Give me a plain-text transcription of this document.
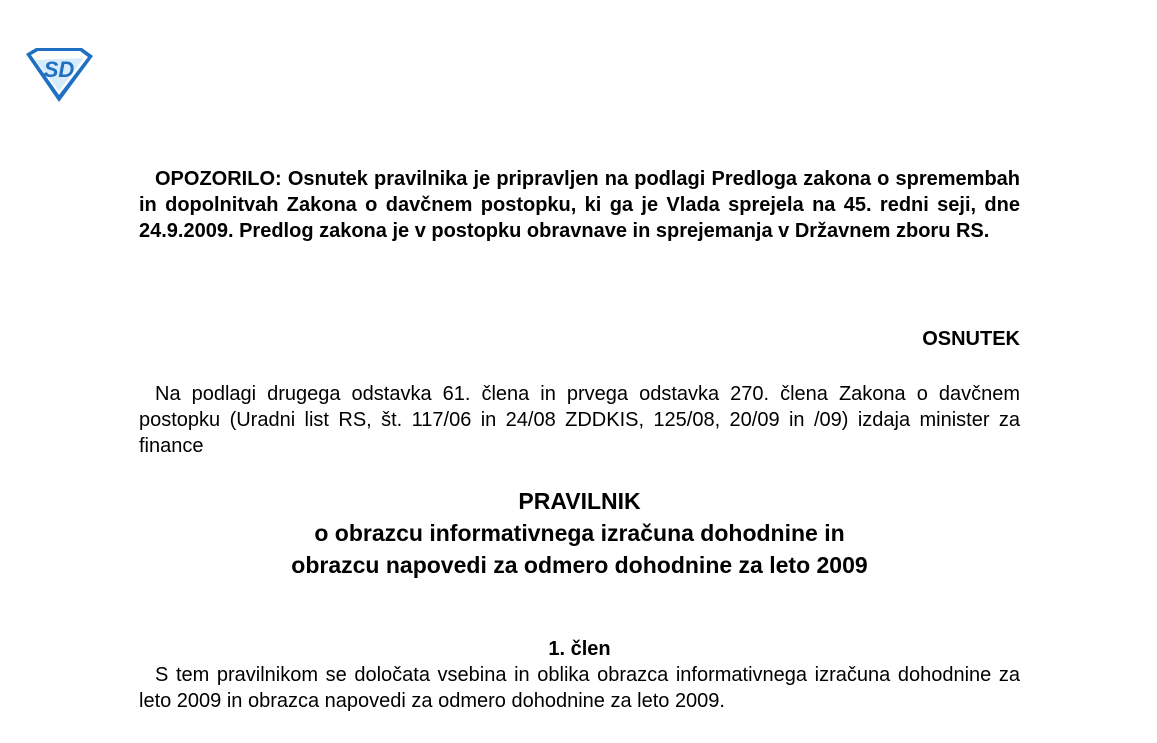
SD
OPOZORILO: Osnutek pravilnika je pripravljen na podlagi Predloga zakona o spremembah in dopolnitvah Zakona o davčnem postopku, ki ga je Vlada sprejela na 45. redni seji, dne 24.9.2009. Predlog zakona je v postopku obravnave in sprejemanja v Državnem zboru RS.
OSNUTEK
Na podlagi drugega odstavka 61. člena in prvega odstavka 270. člena Zakona o davčnem postopku (Uradni list RS, št. 117/06 in 24/08 ZDDKIS, 125/08, 20/09 in /09) izdaja minister za finance
PRAVILNIK
o obrazcu informativnega izračuna dohodnine in
obrazcu napovedi za odmero dohodnine za leto 2009
1. člen
S tem pravilnikom se določata vsebina in oblika obrazca informativnega izračuna dohodnine za leto 2009 in obrazca napovedi za odmero dohodnine za leto 2009.
